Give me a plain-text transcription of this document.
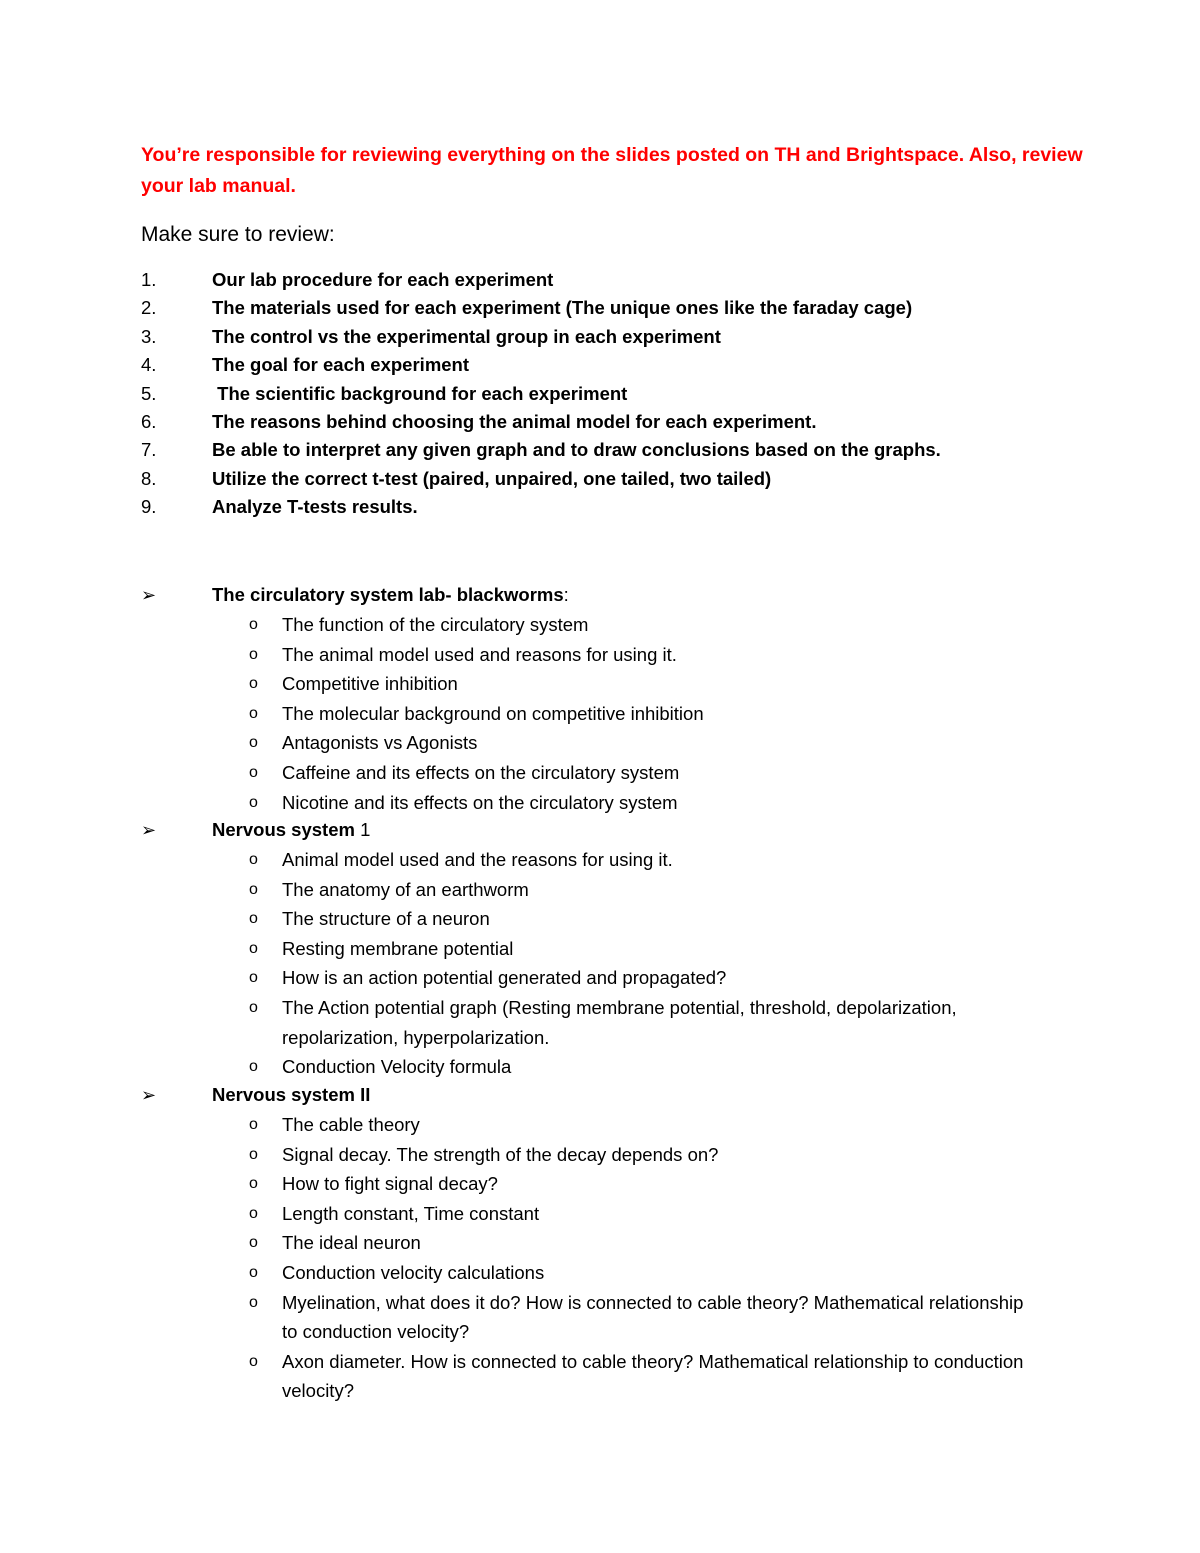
You’re responsible for reviewing everything on the slides posted on TH and Brightspace. Also, review your lab manual.
Make sure to review:
1.	Our lab procedure for each experiment
2.	The materials used for each experiment (The unique ones like the faraday cage)
3.	The control vs the experimental group in each experiment
4.	The goal for each experiment
5.	The scientific background for each experiment
6.	The reasons behind choosing the animal model for each experiment.
7.	Be able to interpret any given graph and to draw conclusions based on the graphs.
8.	Utilize the correct t-test (paired, unpaired, one tailed, two tailed)
9.	Analyze T-tests results.
➢	The circulatory system lab- blackworms:
o The function of the circulatory system
o The animal model used and reasons for using it.
o Competitive inhibition
o The molecular background on competitive inhibition
o Antagonists vs Agonists
o Caffeine and its effects on the circulatory system
o Nicotine and its effects on the circulatory system
➢	Nervous system 1
o Animal model used and the reasons for using it.
o The anatomy of an earthworm
o The structure of a neuron
o Resting membrane potential
o How is an action potential generated and propagated?
o The Action potential graph (Resting membrane potential, threshold, depolarization, repolarization, hyperpolarization.
o Conduction Velocity formula
➢	Nervous system II
o The cable theory
o Signal decay. The strength of the decay depends on?
o How to fight signal decay?
o Length constant, Time constant
o The ideal neuron
o Conduction velocity calculations
o Myelination, what does it do? How is connected to cable theory? Mathematical relationship to conduction velocity?
o Axon diameter. How is connected to cable theory? Mathematical relationship to conduction velocity?
